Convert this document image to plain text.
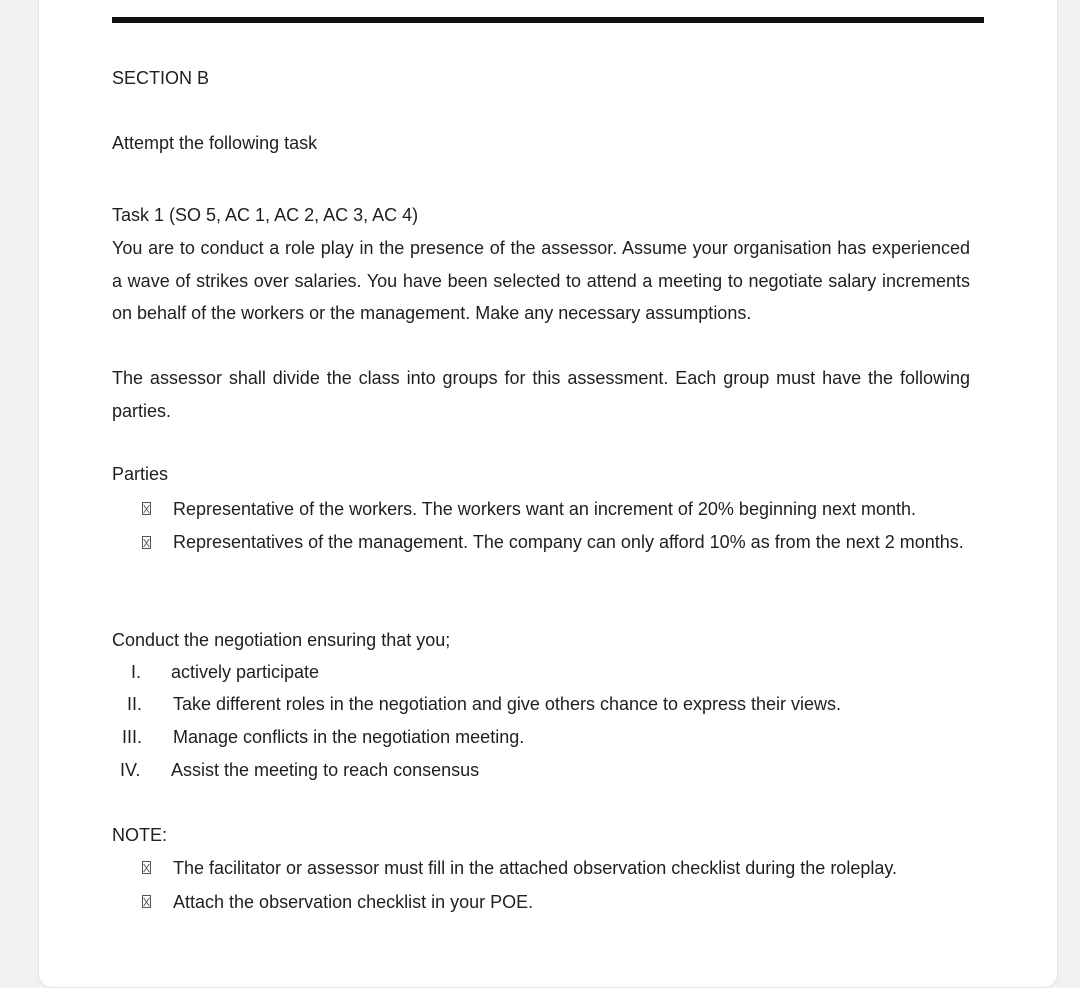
SECTION B
Attempt the following task
Task 1 (SO 5, AC 1, AC 2, AC 3, AC 4)
You are to conduct a role play in the presence of the assessor. Assume your organisation has experienced a wave of strikes over salaries. You have been selected to attend a meeting to negotiate salary increments on behalf of the workers or the management. Make any necessary assumptions.
The assessor shall divide the class into groups for this assessment. Each group must have the following parties.
Parties
Representative of the workers. The workers want an increment of 20% beginning next month.
Representatives of the management. The company can only afford 10% as from the next 2 months.
Conduct the negotiation ensuring that you;
I. actively participate
II. Take different roles in the negotiation and give others chance to express their views.
III. Manage conflicts in the negotiation meeting.
IV. Assist the meeting to reach consensus
NOTE:
The facilitator or assessor must fill in the attached observation checklist during the roleplay.
Attach the observation checklist in your POE.
